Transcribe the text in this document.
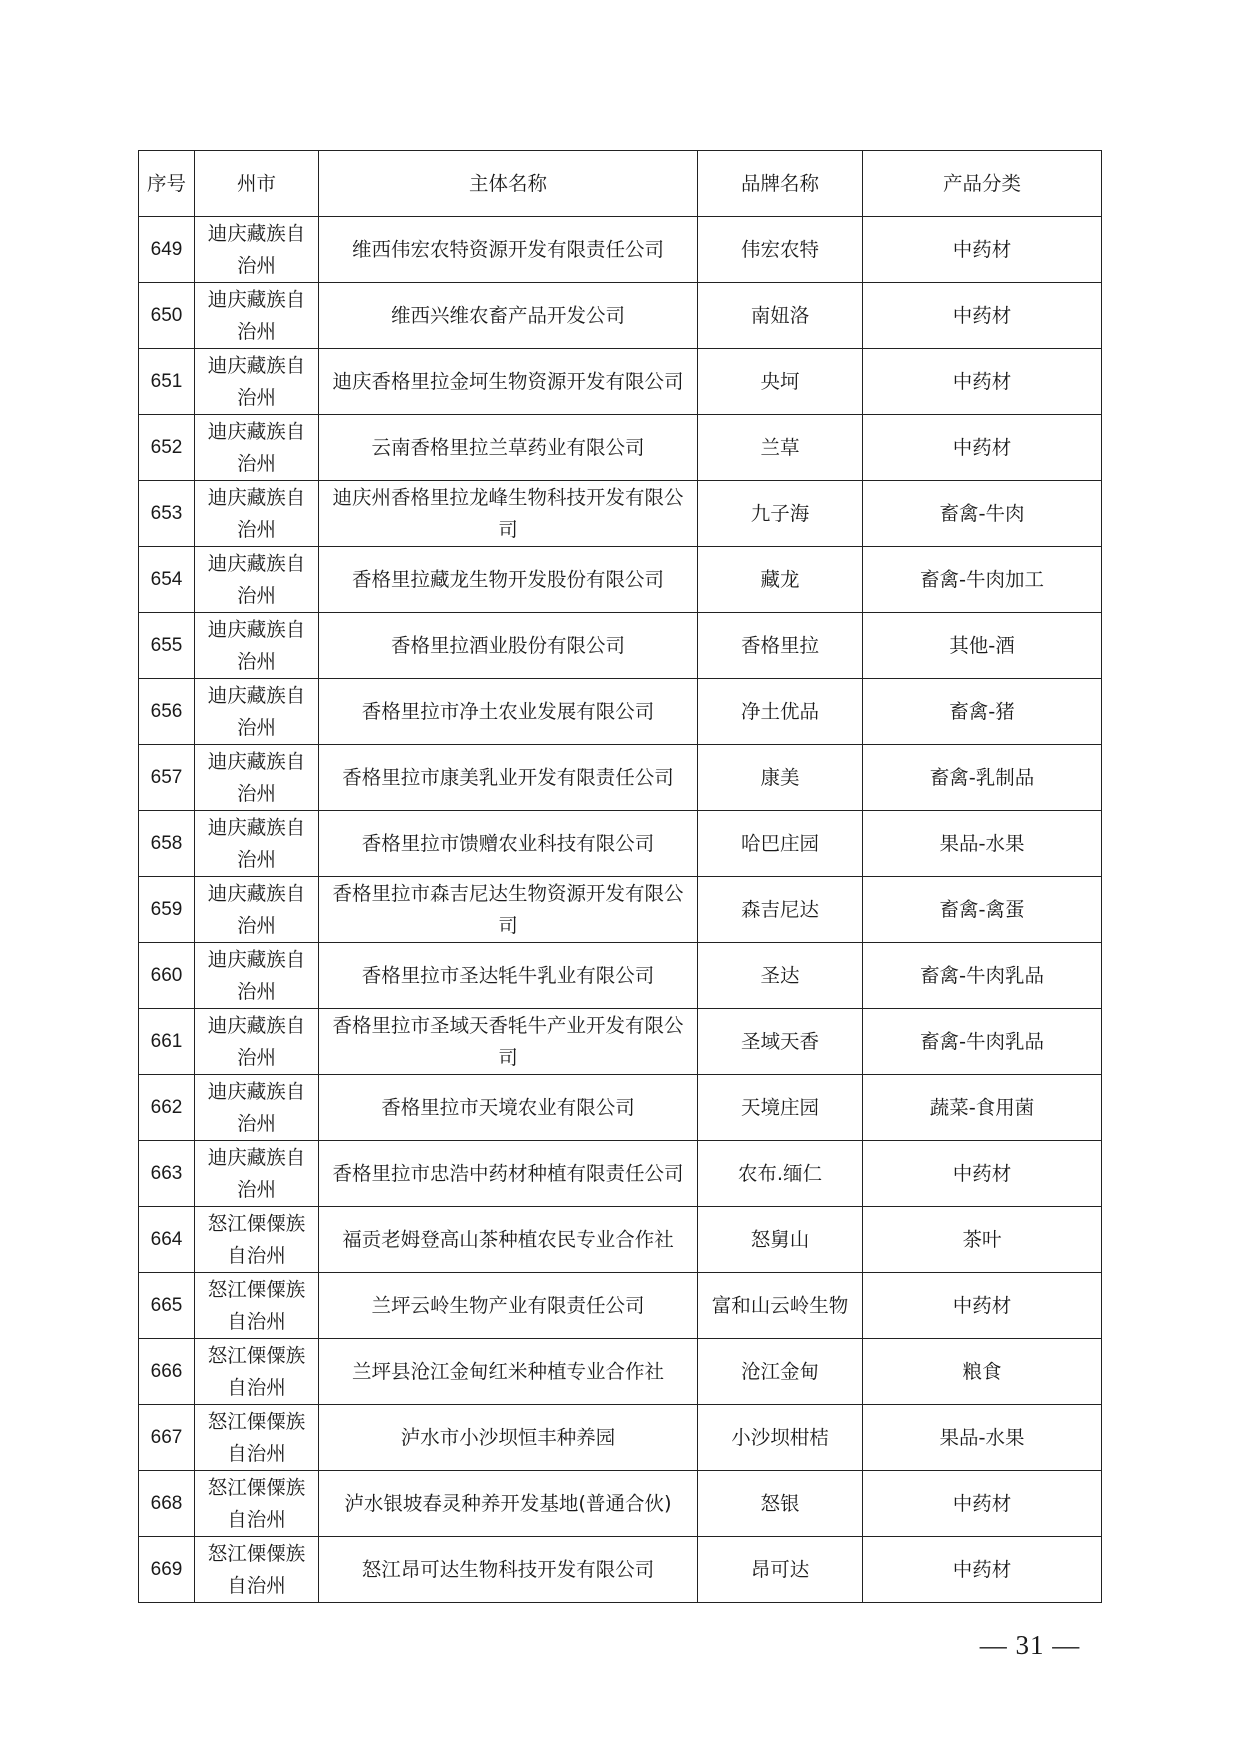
序号	州市	主体名称	品牌名称	产品分类
649	迪庆藏族自治州	维西伟宏农特资源开发有限责任公司	伟宏农特	中药材
650	迪庆藏族自治州	维西兴维农畜产品开发公司	南妞洛	中药材
651	迪庆藏族自治州	迪庆香格里拉金坷生物资源开发有限公司	央坷	中药材
652	迪庆藏族自治州	云南香格里拉兰草药业有限公司	兰草	中药材
653	迪庆藏族自治州	迪庆州香格里拉龙峰生物科技开发有限公司	九子海	畜禽-牛肉
654	迪庆藏族自治州	香格里拉藏龙生物开发股份有限公司	藏龙	畜禽-牛肉加工
655	迪庆藏族自治州	香格里拉酒业股份有限公司	香格里拉	其他-酒
656	迪庆藏族自治州	香格里拉市净土农业发展有限公司	净土优品	畜禽-猪
657	迪庆藏族自治州	香格里拉市康美乳业开发有限责任公司	康美	畜禽-乳制品
658	迪庆藏族自治州	香格里拉市馈赠农业科技有限公司	哈巴庄园	果品-水果
659	迪庆藏族自治州	香格里拉市森吉尼达生物资源开发有限公司	森吉尼达	畜禽-禽蛋
660	迪庆藏族自治州	香格里拉市圣达牦牛乳业有限公司	圣达	畜禽-牛肉乳品
661	迪庆藏族自治州	香格里拉市圣域天香牦牛产业开发有限公司	圣域天香	畜禽-牛肉乳品
662	迪庆藏族自治州	香格里拉市天境农业有限公司	天境庄园	蔬菜-食用菌
663	迪庆藏族自治州	香格里拉市忠浩中药材种植有限责任公司	农布.缅仁	中药材
664	怒江傈僳族自治州	福贡老姆登高山茶种植农民专业合作社	怒舅山	茶叶
665	怒江傈僳族自治州	兰坪云岭生物产业有限责任公司	富和山云岭生物	中药材
666	怒江傈僳族自治州	兰坪县沧江金甸红米种植专业合作社	沧江金甸	粮食
667	怒江傈僳族自治州	泸水市小沙坝恒丰种养园	小沙坝柑桔	果品-水果
668	怒江傈僳族自治州	泸水银坡春灵种养开发基地(普通合伙)	怒银	中药材
669	怒江傈僳族自治州	怒江昂可达生物科技开发有限公司	昂可达	中药材
— 31 —
